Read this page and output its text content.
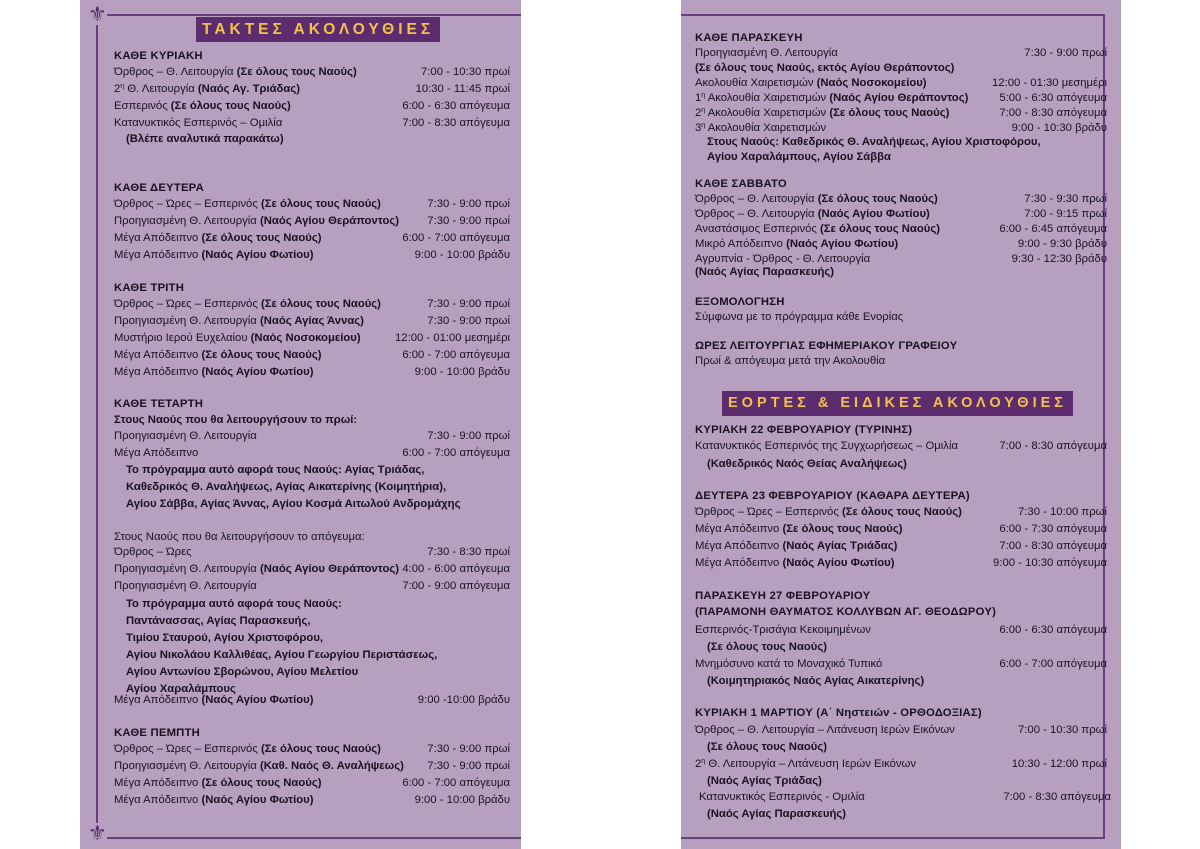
⚜
⚜
ΤΑΚΤΕΣ ΑΚΟΛΟΥΘΙΕΣ
ΚΑΘΕ ΚΥΡΙΑΚΗ
Όρθρος – Θ. Λειτουργία (Σε όλους τους Ναούς)	7:00 - 10:30 πρωί
$2^\eta$ Θ. Λειτουργία (Ναός Αγ. Τριάδας)	10:30 - 11:45 πρωί
Εσπερινός (Σε όλους τους Ναούς)	6:00 - 6:30 απόγευμα
Κατανυκτικός Εσπερινός – Ομιλία	7:00 - 8:30 απόγευμα
(Βλέπε αναλυτικά παρακάτω)
ΚΑΘΕ ΔΕΥΤΕΡΑ
Όρθρος – Ώρες – Εσπερινός (Σε όλους τους Ναούς)	7:30 - 9:00 πρωί
Προηγιασμένη Θ. Λειτουργία (Ναός Αγίου Θεράποντος)	7:30 - 9:00 πρωί
Μέγα Απόδειπνο (Σε όλους τους Ναούς)	6:00 - 7:00 απόγευμα
Μέγα Απόδειπνο (Ναός Αγίου Φωτίου)	9:00 - 10:00 βράδυ
ΚΑΘΕ ΤΡΙΤΗ
Όρθρος – Ώρες – Εσπερινός (Σε όλους τους Ναούς)	7:30 - 9:00 πρωί
Προηγιασμένη Θ. Λειτουργία (Ναός Αγίας Άννας)	7:30 - 9:00 πρωί
Μυστήριο Ιερού Ευχελαίου (Ναός Νοσοκομείου)	12:00 - 01:00 μεσημέρι
Μέγα Απόδειπνο (Σε όλους τους Ναούς)	6:00 - 7:00 απόγευμα
Μέγα Απόδειπνο (Ναός Αγίου Φωτίου)	9:00 - 10:00 βράδυ
ΚΑΘΕ ΤΕΤΑΡΤΗ
Στους Ναούς που θα λειτουργήσουν το πρωί:
Προηγιασμένη Θ. Λειτουργία	7:30 - 9:00 πρωί
Μέγα Απόδειπνο	6:00 - 7:00 απόγευμα
Το πρόγραμμα αυτό αφορά τους Ναούς: Αγίας Τριάδας,
Καθεδρικός Θ. Αναλήψεως, Αγίας Αικατερίνης (Κοιμητήρια),
Αγίου Σάββα, Αγίας Άννας, Αγίου Κοσμά Αιτωλού Ανδρομάχης
Στους Ναούς που θα λειτουργήσουν το απόγευμα:
Όρθρος – Ώρες	7:30 - 8:30 πρωί
Προηγιασμένη Θ. Λειτουργία (Ναός Αγίου Θεράποντος) 4:00 - 6:00 απόγευμα
Προηγιασμένη Θ. Λειτουργία	7:00 - 9:00 απόγευμα
Το πρόγραμμα αυτό αφορά τους Ναούς:
Παντάνασσας, Αγίας Παρασκευής,
Τιμίου Σταυρού, Αγίου Χριστοφόρου,
Αγίου Νικολάου Καλλιθέας, Αγίου Γεωργίου Περιστάσεως,
Αγίου Αντωνίου Σβορώνου, Αγίου Μελετίου
Αγίου Χαραλάμπους
Μέγα Απόδειπνο (Ναός Αγίου Φωτίου)	9:00 -10:00 βράδυ
ΚΑΘΕ ΠΕΜΠΤΗ
Όρθρος – Ώρες – Εσπερινός (Σε όλους τους Ναούς)	7:30 - 9:00 πρωί
Προηγιασμένη Θ. Λειτουργία (Καθ. Ναός Θ. Αναλήψεως) 7:30 - 9:00 πρωί
Μέγα Απόδειπνο (Σε όλους τους Ναούς)	6:00 - 7:00 απόγευμα
Μέγα Απόδειπνο (Ναός Αγίου Φωτίου)	9:00 - 10:00 βράδυ
ΕΟΡΤΕΣ & ΕΙΔΙΚΕΣ ΑΚΟΛΟΥΘΙΕΣ
ΚΑΘΕ ΠΑΡΑΣΚΕΥΗ
Προηγιασμένη Θ. Λειτουργία	7:30 - 9:00 πρωί
(Σε όλους τους Ναούς, εκτός Αγίου Θεράποντος)
Ακολουθία Χαιρετισμών (Ναός Νοσοκομείου)	12:00 - 01:30 μεσημέρι
$1^\eta$ Ακολουθία Χαιρετισμών (Ναός Αγίου Θεράποντος)	5:00 - 6:30 απόγευμα
$2^\eta$ Ακολουθία Χαιρετισμών (Σε όλους τους Ναούς)	7:00 - 8:30 απόγευμα
$3^\eta$ Ακολουθία Χαιρετισμών	9:00 - 10:30 βράδυ
Στους Ναούς: Καθεδρικός Θ. Αναλήψεως, Αγίου Χριστοφόρου,
Αγίου Χαραλάμπους, Αγίου Σάββα
ΚΑΘΕ ΣΑΒΒΑΤΟ
Όρθρος – Θ. Λειτουργία (Σε όλους τους Ναούς)	7:30 - 9:30 πρωί
Όρθρος – Θ. Λειτουργία (Ναός Αγίου Φωτίου)	7:00 - 9:15 πρωί
Αναστάσιμος Εσπερινός (Σε όλους τους Ναούς)	6:00 - 6:45 απόγευμα
Μικρό Απόδειπνο (Ναός Αγίου Φωτίου)	9:00 - 9:30 βράδυ
Αγρυπνία - Όρθρος - Θ. Λειτουργία	9:30 - 12:30 βράδυ
(Ναός Αγίας Παρασκευής)
ΕΞΟΜΟΛΟΓΗΣΗ
Σύμφωνα με το πρόγραμμα κάθε Ενορίας
ΩΡΕΣ ΛΕΙΤΟΥΡΓΙΑΣ ΕΦΗΜΕΡΙΑΚΟΥ ΓΡΑΦΕΙΟΥ
Πρωί & απόγευμα μετά την Ακολουθία
ΚΥΡΙΑΚΗ 22 ΦΕΒΡΟΥΑΡΙΟΥ (ΤΥΡΙΝΗΣ)
Κατανυκτικός Εσπερινός της Συγχωρήσεως – Ομιλία	7:00 - 8:30 απόγευμα
(Καθεδρικός Ναός Θείας Αναλήψεως)
ΔΕΥΤΕΡΑ 23 ΦΕΒΡΟΥΑΡΙΟΥ (ΚΑΘΑΡΑ ΔΕΥΤΕΡΑ)
Όρθρος – Ώρες – Εσπερινός (Σε όλους τους Ναούς)	7:30 - 10:00 πρωί
Μέγα Απόδειπνο (Σε όλους τους Ναούς)	6:00 - 7:30 απόγευμα
Μέγα Απόδειπνο (Ναός Αγίας Τριάδας)	7:00 - 8:30 απόγευμα
Μέγα Απόδειπνο (Ναός Αγίου Φωτίου)	9:00 - 10:30 απόγευμα
ΠΑΡΑΣΚΕΥΗ 27 ΦΕΒΡΟΥΑΡΙΟΥ
(ΠΑΡΑΜΟΝΗ ΘΑΥΜΑΤΟΣ ΚΟΛΛΥΒΩΝ ΑΓ. ΘΕΟΔΩΡΟΥ)
Εσπερινός-Τρισάγια Κεκοιμημένων	6:00 - 6:30 απόγευμα
(Σε όλους τους Ναούς)
Μνημόσυνο κατά το Μοναχικό Τυπικό	6:00 - 7:00 απόγευμα
(Κοιμητηριακός Ναός Αγίας Αικατερίνης)
ΚΥΡΙΑΚΗ 1 ΜΑΡΤΙΟΥ (Α΄ Νηστειών - ΟΡΘΟΔΟΞΙΑΣ)
Όρθρος – Θ. Λειτουργία – Λιτάνευση Ιερών Εικόνων	7:00 - 10:30 πρωί
(Σε όλους τους Ναούς)
$2^\eta$ Θ. Λειτουργία – Λιτάνευση Ιερών Εικόνων	10:30 - 12:00 πρωί
(Ναός Αγίας Τριάδας)
Κατανυκτικός Εσπερινός - Ομιλία	7:00 - 8:30 απόγευμα
(Ναός Αγίας Παρασκευής)
